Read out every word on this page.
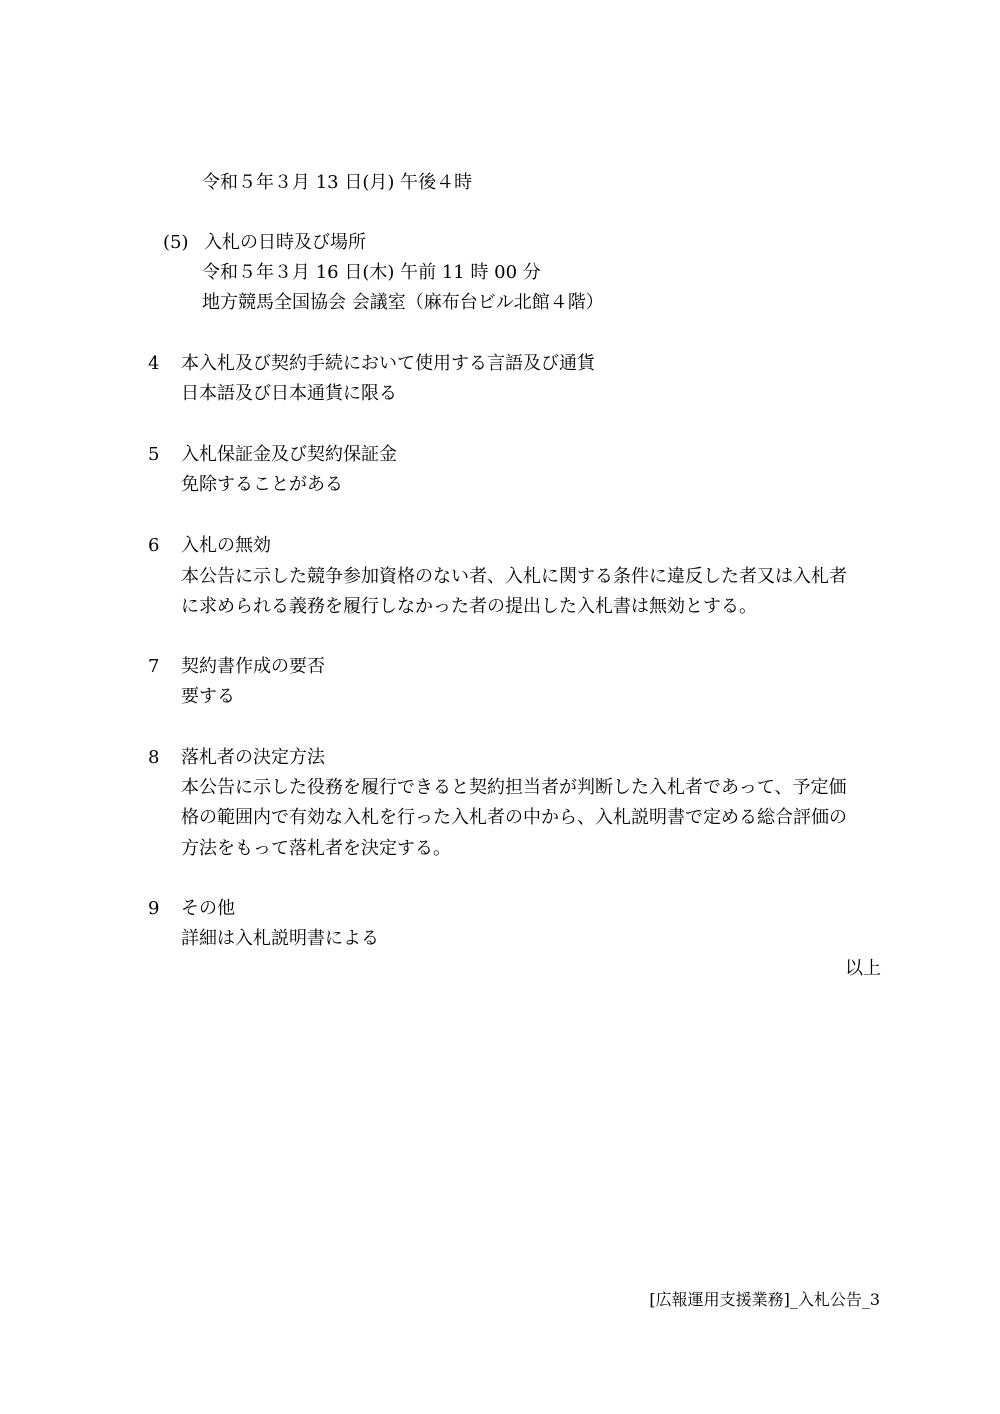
令和５年３月 13 日(月) 午後４時
(5) 入札の日時及び場所
令和５年３月 16 日(木) 午前 11 時 00 分
地方競馬全国協会 会議室（麻布台ビル北館４階）
4 本入札及び契約手続において使用する言語及び通貨
日本語及び日本通貨に限る
5 入札保証金及び契約保証金
免除することがある
6 入札の無効
本公告に示した競争参加資格のない者、入札に関する条件に違反した者又は入札者
に求められる義務を履行しなかった者の提出した入札書は無効とする。
7 契約書作成の要否
要する
8 落札者の決定方法
本公告に示した役務を履行できると契約担当者が判断した入札者であって、予定価
格の範囲内で有効な入札を行った入札者の中から、入札説明書で定める総合評価の
方法をもって落札者を決定する。
9 その他
詳細は入札説明書による
以上
[広報運用支援業務]_入札公告_3
